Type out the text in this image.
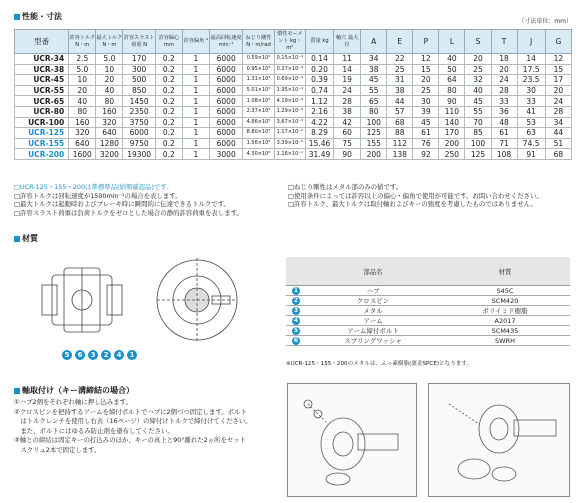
性能・寸法
（寸法単位：mm）
型番	許容トルク N・m	最大トルク N・m	許容スラスト荷重 N	許容偏心 mm	許容偏角 °	最高回転速度 min⁻¹	ねじり剛性 N・m/rad	慣性モーメント kg・m²	質量 kg	軸穴 最大径	A	E	P	L	S	T	J	G
UCR-34	2.5	5.0	170	0.2	1	6000	0.59×10⁴	0.15×10⁻⁴	0.14	11	34	22	12	40	20	18	14	12
UCR-38	5.0	10	300	0.2	1	6000	0.95×10⁴	0.27×10⁻⁴	0.20	14	38	25	15	50	25	20	17.5	15
UCR-45	10	20	500	0.2	1	6000	1.31×10⁴	0.69×10⁻⁴	0.39	19	45	31	20	64	32	24	23.5	17
UCR-55	20	40	850	0.2	1	6000	5.01×10⁴	1.95×10⁻⁴	0.74	24	55	38	25	80	40	28	30	20
UCR-65	40	80	1450	0.2	1	6000	1.08×10⁵	4.19×10⁻⁴	1.12	28	65	44	30	90	45	33	33	24
UCR-80	80	160	2350	0.2	1	6000	2.37×10⁵	1.29×10⁻³	2.16	38	80	57	39	110	55	36	41	28
UCR-100	160	320	3750	0.2	1	6000	4.86×10⁵	3.67×10⁻³	4.22	42	100	68	45	140	70	48	53	34
UCR-125	320	640	6000	0.2	1	6000	8.80×10⁵	1.17×10⁻²	8.29	60	125	88	61	170	85	61	63	44
UCR-155	640	1280	9750	0.2	1	6000	1.56×10⁶	3.39×10⁻²	15.46	75	155	112	76	200	100	71	74.5	51
UCR-200	1600	3200	19300	0.2	1	3000	4.30×10⁶	1.16×10⁻¹	31.49	90	200	138	92	250	125	108	91	68
□UCR-125・155・200は準標準品(納期確認品)です。
□許容トルクは回転速度が1500min⁻¹の場合を表します。
□最大トルクは起動時およびブレーキ時に瞬間的に伝達できるトルクです。
□許容スラスト荷重は負荷トルクをゼロとした場合の静的許容荷重を表します。
□ねじり剛性はメタル部のみの値です。
□使用条件によっては許容以上の偏心・偏角で使用が可能です。お問い合わせください。
□許容トルク、最大トルクは取付軸およびキーの強度を考慮したものではありません。
材質
5	6	3	2	4	1
	部品名	材質
1	ハブ	S45C
2	クロスピン	SCM420
3	メタル	ポリイミド樹脂
4	アーム	A2017
5	アーム締付ボルト	SCM435
6	スプリングワッシャ	SWRH
※UCR-125・155・200のメタルは、ふっ素樹脂(裏金SPCE)となります。
軸取付け（キー溝締結の場合）
①ハブ2個をそれぞれ軸に押し込みます。
②クロスピンを把持するアームを締付ボルトでハブに2個づつ固定します。ボルト
　はトルクレンチを使用し右表（16ページ）の締付けトルクで締付けてください。
　また、ボルトにはゆるみ防止剤を塗布してください。
③軸との締結は固定キーの打込みのほか、キーの真上と90°離れた2ヵ所をセット
　スクリュ2本で固定します。
